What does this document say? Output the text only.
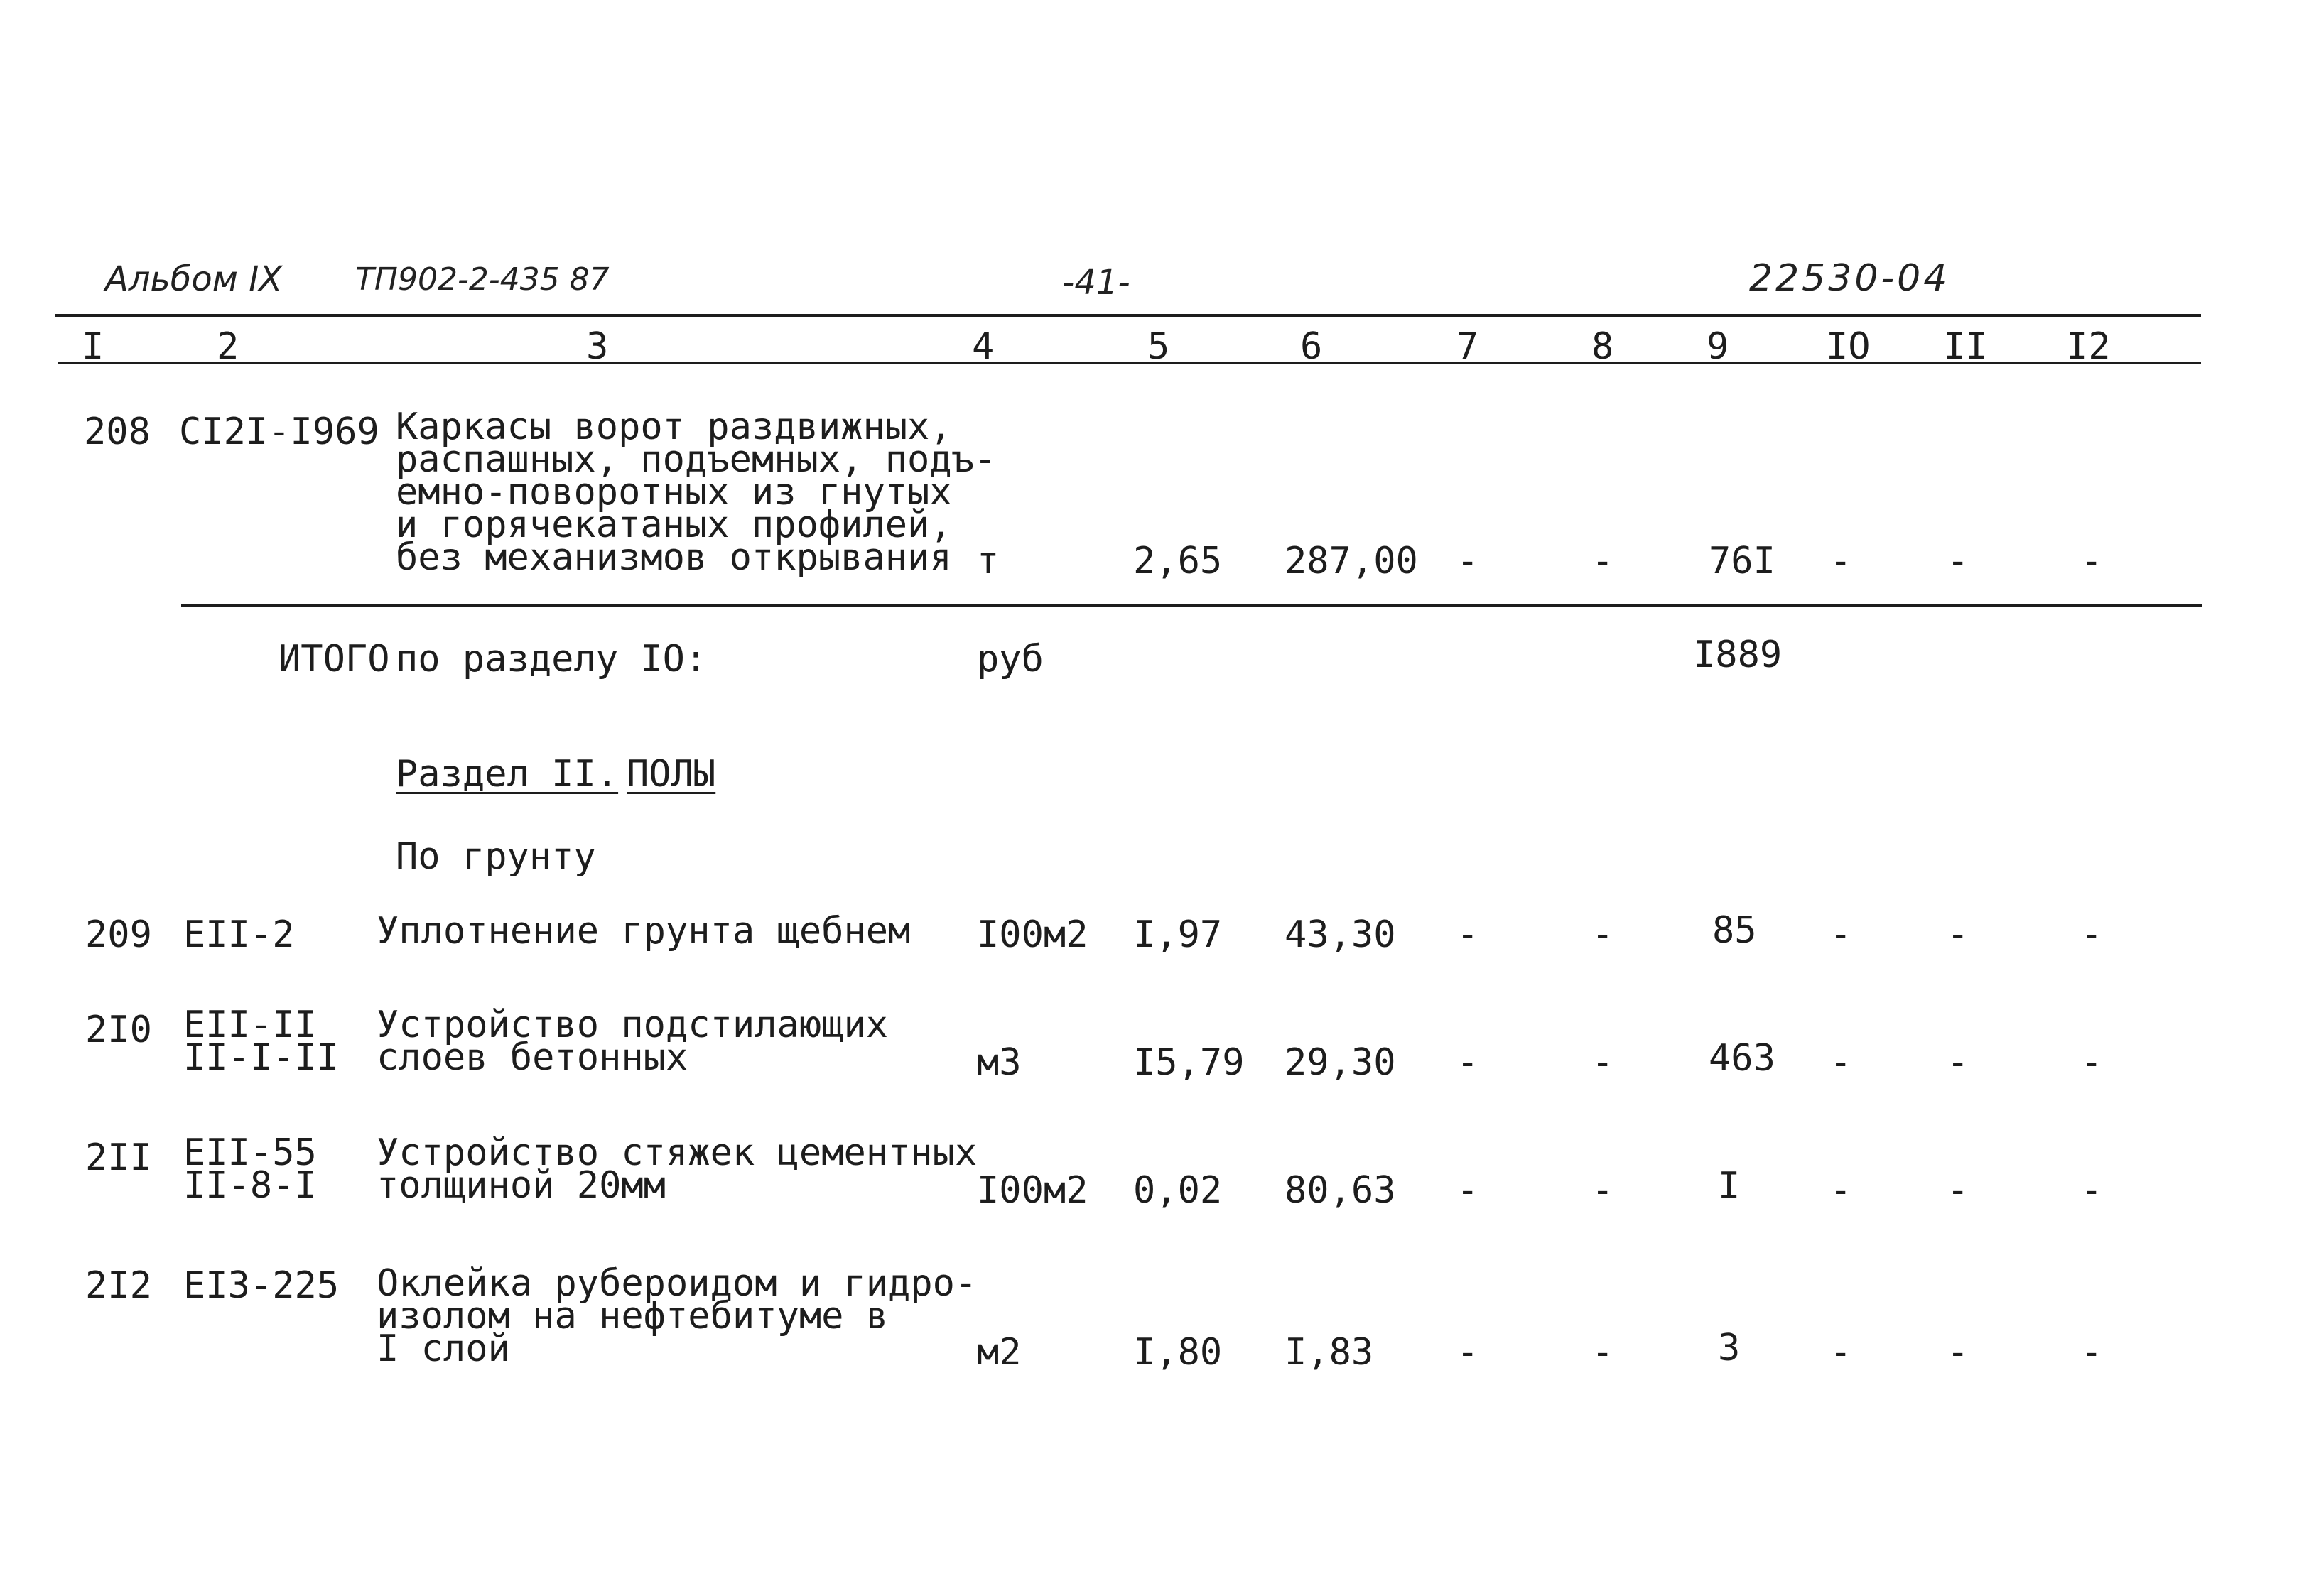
Альбом IX ТП902-2-435 87	-41-	22530-04
I	2	3	4	5	6	7	8	9	IO II I2
208 CI2I-I969 Каркасы ворот раздвижных,
распашных, подъемных, подъ-
емно-поворотных из гнутых
и горячекатаных профилей,
без механизмов открывания т	2,65 287,00 -	-	76I -	-	-
ИТОГО по разделу IO:	руб	I889
Раздел II. ПОЛЫ
По грунту
209 EII-2 Уплотнение грунта щебнем I00м2 I,97 43,30 -	-	85 -	-	-
2I0 EII-II
II-I-II
Устройство подстилающих
слоев бетонных	м3	I5,79 29,30 -	-	463 -	-	-
2II EII-55
II-8-I
Устройство стяжек цементных
толщиной 20мм	I00м2 0,02 80,63 -	-	I -	-	-
2I2 EI3-225 Оклейка рубероидом и гидро-
изолом на нефтебитуме в
I слой	м2	I,80 I,83 -	-	3 -	-	-
